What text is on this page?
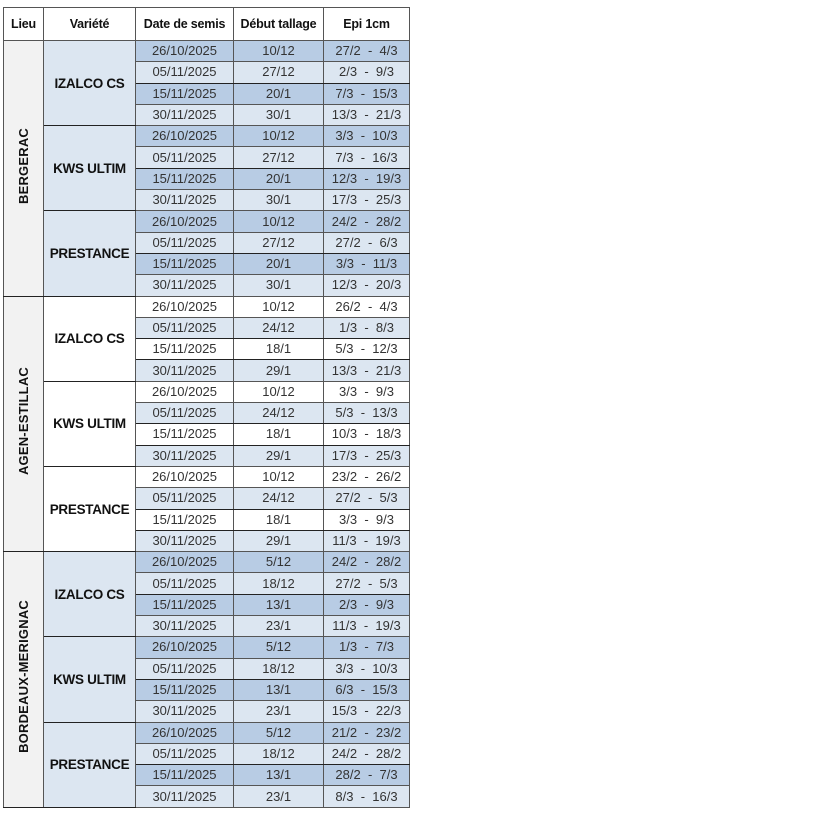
Lieu	Variété	Date de semis	Début tallage	Epi 1cm
BERGERAC	IZALCO CS	26/10/2025	10/12	27/2  -  4/3
		05/11/2025	27/12	2/3  -  9/3
		15/11/2025	20/1	7/3  -  15/3
		30/11/2025	30/1	13/3  -  21/3
	KWS ULTIM	26/10/2025	10/12	3/3  -  10/3
		05/11/2025	27/12	7/3  -  16/3
		15/11/2025	20/1	12/3  -  19/3
		30/11/2025	30/1	17/3  -  25/3
	PRESTANCE	26/10/2025	10/12	24/2  -  28/2
		05/11/2025	27/12	27/2  -  6/3
		15/11/2025	20/1	3/3  -  11/3
		30/11/2025	30/1	12/3  -  20/3
AGEN-ESTILLAC	IZALCO CS	26/10/2025	10/12	26/2  -  4/3
		05/11/2025	24/12	1/3  -  8/3
		15/11/2025	18/1	5/3  -  12/3
		30/11/2025	29/1	13/3  -  21/3
	KWS ULTIM	26/10/2025	10/12	3/3  -  9/3
		05/11/2025	24/12	5/3  -  13/3
		15/11/2025	18/1	10/3  -  18/3
		30/11/2025	29/1	17/3  -  25/3
	PRESTANCE	26/10/2025	10/12	23/2  -  26/2
		05/11/2025	24/12	27/2  -  5/3
		15/11/2025	18/1	3/3  -  9/3
		30/11/2025	29/1	11/3  -  19/3
BORDEAUX-MERIGNAC	IZALCO CS	26/10/2025	5/12	24/2  -  28/2
		05/11/2025	18/12	27/2  -  5/3
		15/11/2025	13/1	2/3  -  9/3
		30/11/2025	23/1	11/3  -  19/3
	KWS ULTIM	26/10/2025	5/12	1/3  -  7/3
		05/11/2025	18/12	3/3  -  10/3
		15/11/2025	13/1	6/3  -  15/3
		30/11/2025	23/1	15/3  -  22/3
	PRESTANCE	26/10/2025	5/12	21/2  -  23/2
		05/11/2025	18/12	24/2  -  28/2
		15/11/2025	13/1	28/2  -  7/3
		30/11/2025	23/1	8/3  -  16/3
